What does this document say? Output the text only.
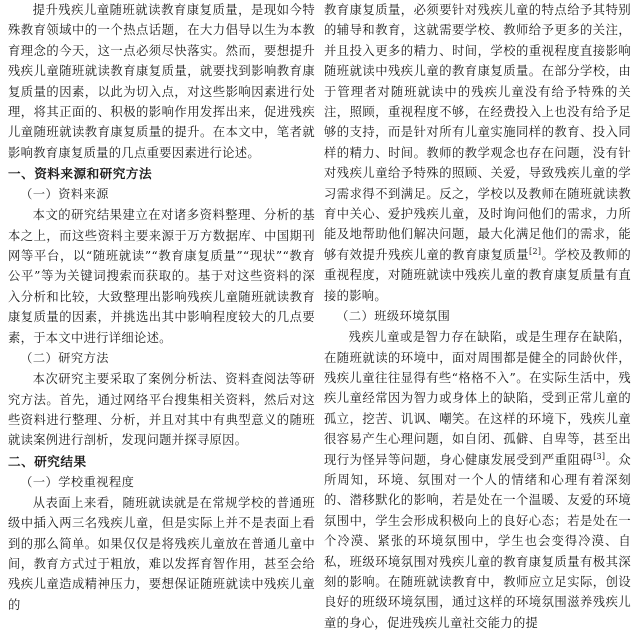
提升残疾儿童随班就读教育康复质量，是现如今特殊教育领域中的一个热点话题，在大力倡导以生为本教育理念的今天，这一点必须尽快落实。然而，要想提升残疾儿童随班就读教育康复质量，就要找到影响教育康复质量的因素，以此为切入点，对这些影响因素进行处理，将其正面的、积极的影响作用发挥出来，促进残疾儿童随班就读教育康复质量的提升。在本文中，笔者就影响教育康复质量的几点重要因素进行论述。

一、资料来源和研究方法

（一）资料来源

本文的研究结果建立在对诸多资料整理、分析的基本之上，而这些资料主要来源于万方数据库、中国期刊网等平台，以“随班就读”“教育康复质量”“现状”“教育公平”等为关键词搜索而获取的。基于对这些资料的深入分析和比较，大致整理出影响残疾儿童随班就读教育康复质量的因素，并挑选出其中影响程度较大的几点要素，于本文中进行详细论述。

（二）研究方法

本次研究主要采取了案例分析法、资料查阅法等研究方法。首先，通过网络平台搜集相关资料，然后对这些资料进行整理、分析，并且对其中有典型意义的随班就读案例进行剖析，发现问题并探寻原因。

二、研究结果

（一）学校重视程度

从表面上来看，随班就读就是在常规学校的普通班级中插入两三名残疾儿童，但是实际上并不是表面上看到的那么简单。如果仅仅是将残疾儿童放在普通儿童中间，教育方式过于粗放，难以发挥育智作用，甚至会给残疾儿童造成精神压力，要想保证随班就读中残疾儿童的

教育康复质量，必须要针对残疾儿童的特点给予其特别的辅导和教育，这就需要学校、教师给予更多的关注，并且投入更多的精力、时间，学校的重视程度直接影响随班就读中残疾儿童的教育康复质量。在部分学校，由于管理者对随班就读中的残疾儿童没有给予特殊的关注，照顾，重视程度不够，在经费投入上也没有给予足够的支持，而是针对所有儿童实施同样的教育、投入同样的精力、时间。教师的教学观念也存在问题，没有针对残疾儿童给予特殊的照顾、关爱，导致残疾儿童的学习需求得不到满足。反之，学校以及教师在随班就读教育中关心、爱护残疾儿童，及时询问他们的需求，力所能及地帮助他们解决问题，最大化满足他们的需求，能够有效提升残疾儿童的教育康复质量[2]。学校及教师的重视程度，对随班就读中残疾儿童的教育康复质量有直接的影响。

（二）班级环境氛围

残疾儿童或是智力存在缺陷，或是生理存在缺陷，在随班就读的环境中，面对周围都是健全的同龄伙伴，残疾儿童往往显得有些“格格不入”。在实际生活中，残疾儿童经常因为智力或身体上的缺陷，受到正常儿童的孤立，挖苦、讥讽、嘲笑。在这样的环境下，残疾儿童很容易产生心理问题，如自闭、孤僻、自卑等，甚至出现行为怪异等问题，身心健康发展受到严重阻碍[3]。众所周知，环境、氛围对一个人的情绪和心理有着深刻的、潜移默化的影响，若是处在一个温暖、友爱的环境氛围中，学生会形成积极向上的良好心态；若是处在一个冷漠、紧张的环境氛围中，学生也会变得冷漠、自私，班级环境氛围对残疾儿童的教育康复质量有极其深刻的影响。在随班就读教育中，教师应立足实际，创设良好的班级环境氛围，通过这样的环境氛围滋养残疾儿童的身心，促进残疾儿童社交能力的提
